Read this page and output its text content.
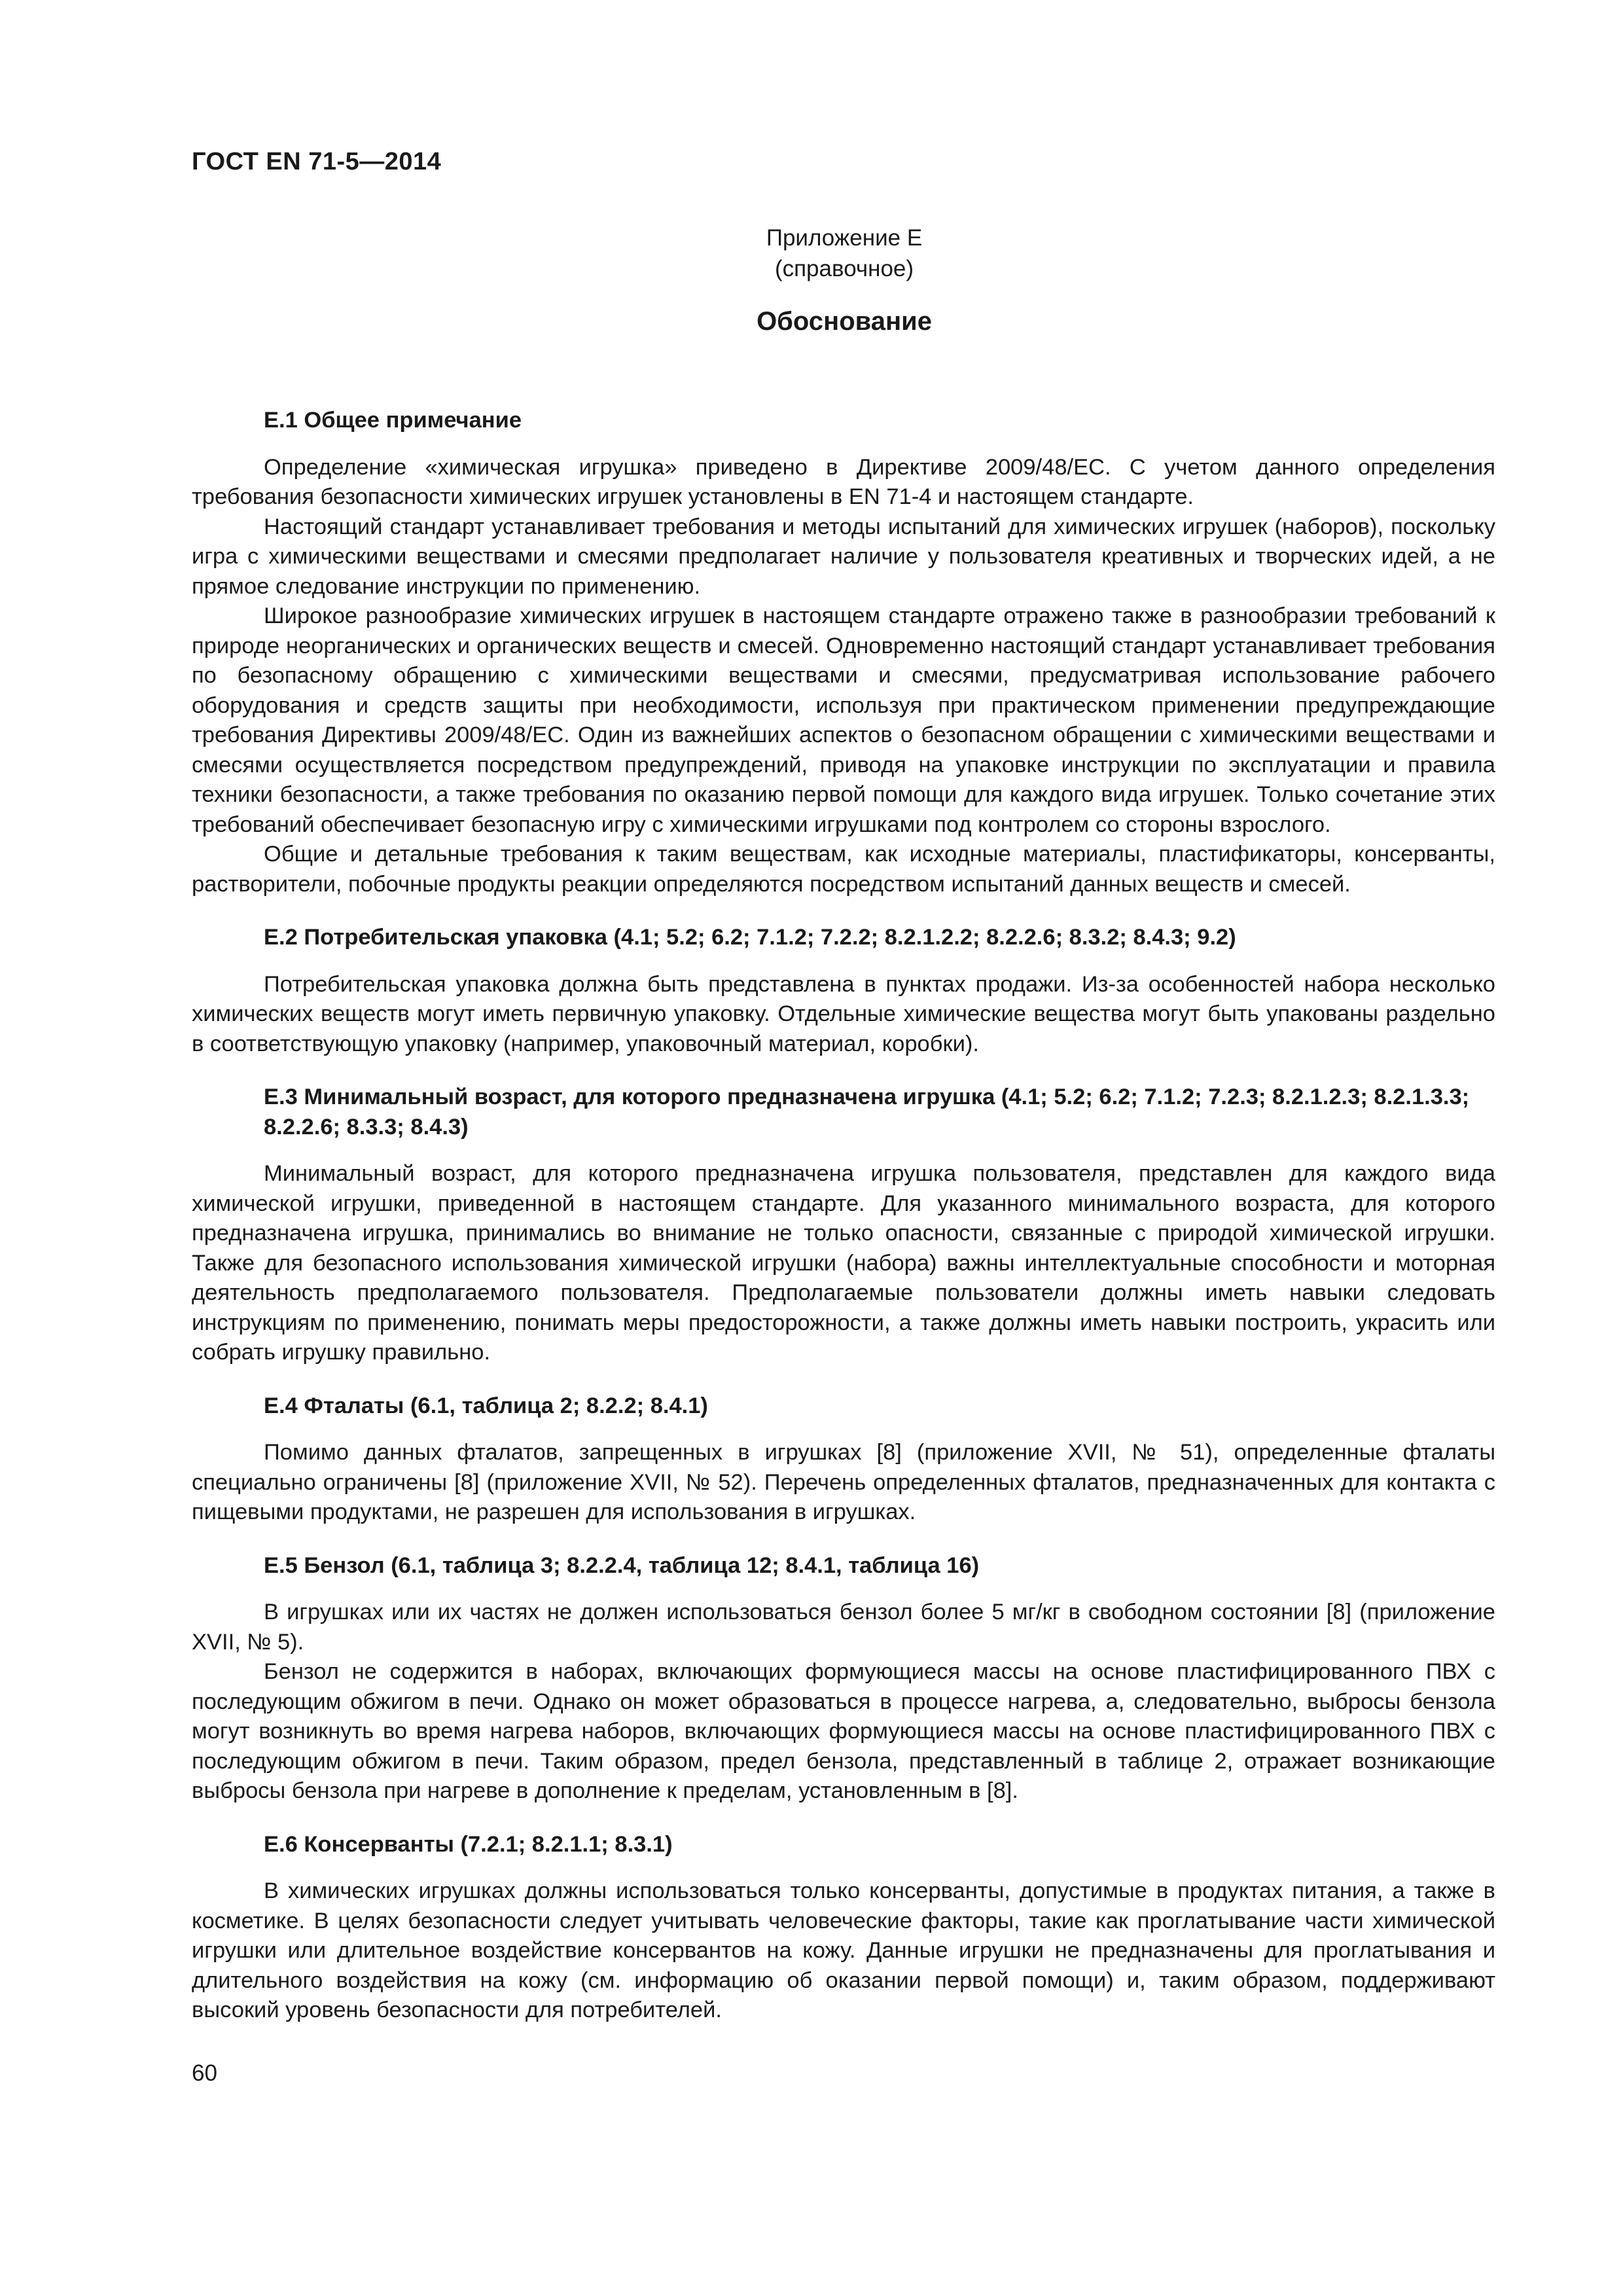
ГОСТ EN 71-5—2014
Приложение Е
(справочное)
Обоснование
Е.1 Общее примечание

Определение «химическая игрушка» приведено в Директиве 2009/48/ЕС. С учетом данного определения требования безопасности химических игрушек установлены в EN 71-4 и настоящем стандарте.

Настоящий стандарт устанавливает требования и методы испытаний для химических игрушек (наборов), поскольку игра с химическими веществами и смесями предполагает наличие у пользователя креативных и творческих идей, а не прямое следование инструкции по применению.

Широкое разнообразие химических игрушек в настоящем стандарте отражено также в разнообразии требований к природе неорганических и органических веществ и смесей. Одновременно настоящий стандарт устанавливает требования по безопасному обращению с химическими веществами и смесями, предусматривая использование рабочего оборудования и средств защиты при необходимости, используя при практическом применении предупреждающие требования Директивы 2009/48/ЕС. Один из важнейших аспектов о безопасном обращении с химическими веществами и смесями осуществляется посредством предупреждений, приводя на упаковке инструкции по эксплуатации и правила техники безопасности, а также требования по оказанию первой помощи для каждого вида игрушек. Только сочетание этих требований обеспечивает безопасную игру с химическими игрушками под контролем со стороны взрослого.

Общие и детальные требования к таким веществам, как исходные материалы, пластификаторы, консерванты, растворители, побочные продукты реакции определяются посредством испытаний данных веществ и смесей.

Е.2 Потребительская упаковка (4.1; 5.2; 6.2; 7.1.2; 7.2.2; 8.2.1.2.2; 8.2.2.6; 8.3.2; 8.4.3; 9.2)

Потребительская упаковка должна быть представлена в пунктах продажи. Из-за особенностей набора несколько химических веществ могут иметь первичную упаковку. Отдельные химические вещества могут быть упакованы раздельно в соответствующую упаковку (например, упаковочный материал, коробки).

Е.3 Минимальный возраст, для которого предназначена игрушка (4.1; 5.2; 6.2; 7.1.2; 7.2.3; 8.2.1.2.3; 8.2.1.3.3; 8.2.2.6; 8.3.3; 8.4.3)

Минимальный возраст, для которого предназначена игрушка пользователя, представлен для каждого вида химической игрушки, приведенной в настоящем стандарте. Для указанного минимального возраста, для которого предназначена игрушка, принимались во внимание не только опасности, связанные с природой химической игрушки. Также для безопасного использования химической игрушки (набора) важны интеллектуальные способности и моторная деятельность предполагаемого пользователя. Предполагаемые пользователи должны иметь навыки следовать инструкциям по применению, понимать меры предосторожности, а также должны иметь навыки построить, украсить или собрать игрушку правильно.

Е.4 Фталаты (6.1, таблица 2; 8.2.2; 8.4.1)

Помимо данных фталатов, запрещенных в игрушках [8] (приложение XVII, № 51), определенные фталаты специально ограничены [8] (приложение XVII, № 52). Перечень определенных фталатов, предназначенных для контакта с пищевыми продуктами, не разрешен для использования в игрушках.

Е.5 Бензол (6.1, таблица 3; 8.2.2.4, таблица 12; 8.4.1, таблица 16)

В игрушках или их частях не должен использоваться бензол более 5 мг/кг в свободном состоянии [8] (приложение XVII, № 5).

Бензол не содержится в наборах, включающих формующиеся массы на основе пластифицированного ПВХ с последующим обжигом в печи. Однако он может образоваться в процессе нагрева, а, следовательно, выбросы бензола могут возникнуть во время нагрева наборов, включающих формующиеся массы на основе пластифицированного ПВХ с последующим обжигом в печи. Таким образом, предел бензола, представленный в таблице 2, отражает возникающие выбросы бензола при нагреве в дополнение к пределам, установленным в [8].

Е.6 Консерванты (7.2.1; 8.2.1.1; 8.3.1)

В химических игрушках должны использоваться только консерванты, допустимые в продуктах питания, а также в косметике. В целях безопасности следует учитывать человеческие факторы, такие как проглатывание части химической игрушки или длительное воздействие консервантов на кожу. Данные игрушки не предназначены для проглатывания и длительного воздействия на кожу (см. информацию об оказании первой помощи) и, таким образом, поддерживают высокий уровень безопасности для потребителей.

60
